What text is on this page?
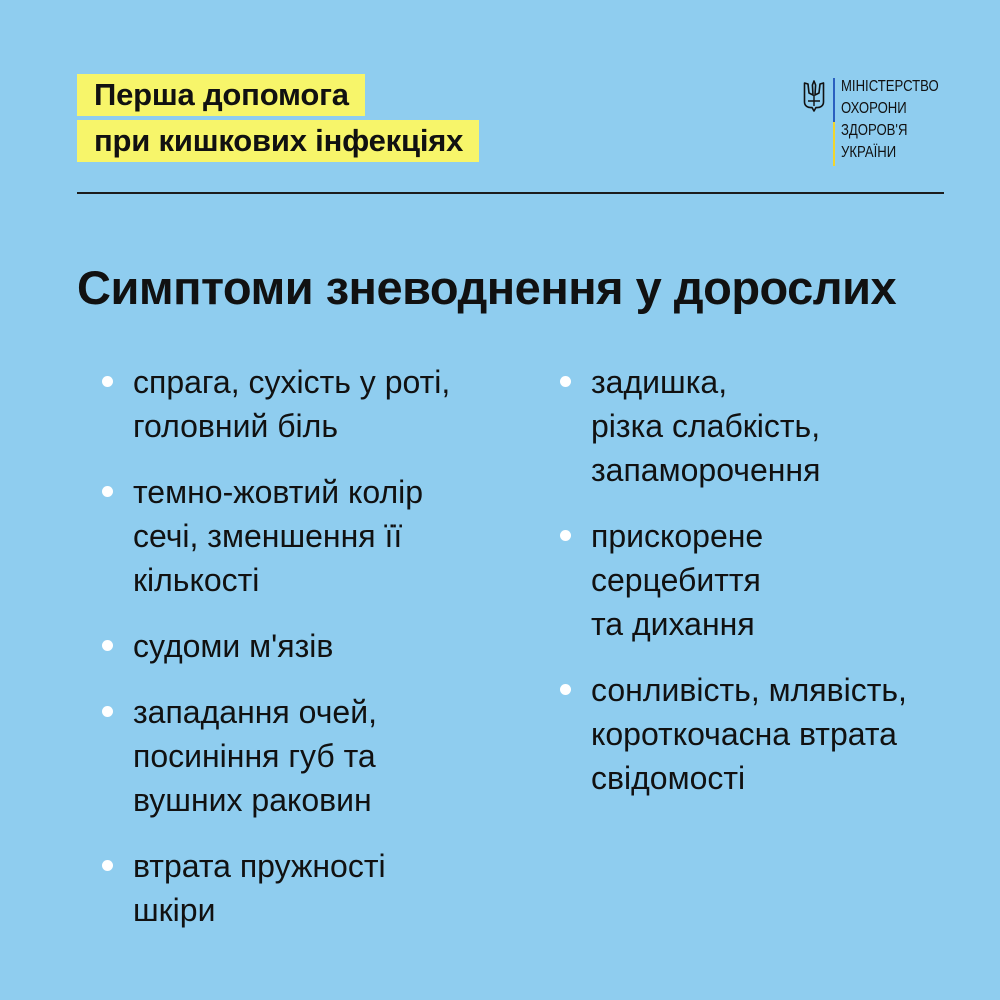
Перша допомога
при кишкових інфекціях
МІНІСТЕРСТВО
ОХОРОНИ
ЗДОРОВ'Я
УКРАЇНИ
Симптоми зневоднення у дорослих
спрага, сухість у роті,
головний біль
темно-жовтий колір
сечі, зменшення її
кількості
судоми м'язів
западання очей,
посиніння губ та
вушних раковин
втрата пружності
шкіри
задишка,
різка слабкість,
запаморочення
прискорене
серцебиття
та дихання
сонливість, млявість,
короткочасна втрата
свідомості
